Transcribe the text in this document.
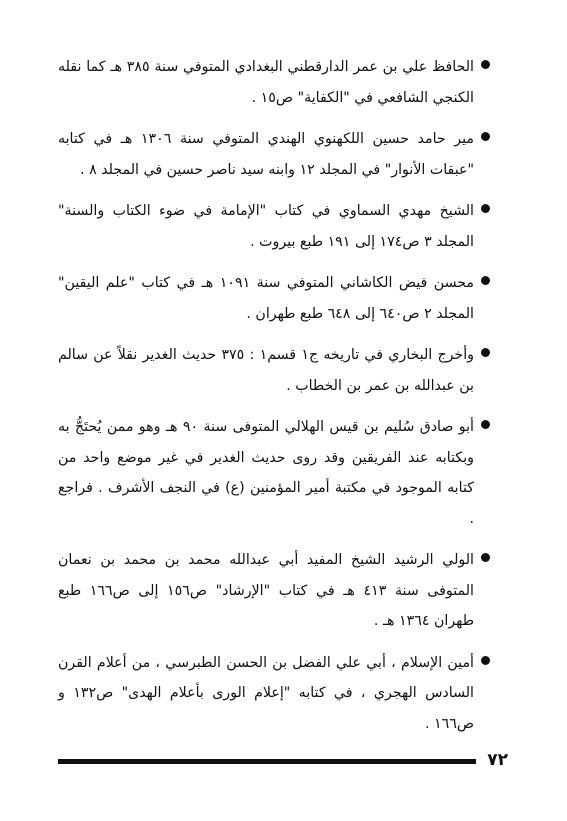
الحافظ علي بن عمر الدارقطني البغدادي المتوفي سنة ٣٨٥ هـ كما نقله الكنجي الشافعي في "الكفاية" ص١٥ .

مير حامد حسين اللكهنوي الهندي المتوفي سنة ١٣٠٦ هـ في كتابه "عبقات الأنوار" في المجلد ١٢ وابنه سيد ناصر حسين في المجلد ٨ .

الشيخ مهدي السماوي في كتاب "الإمامة في ضوء الكتاب والسنة" المجلد ٣ ص١٧٤ إلى ١٩١ طبع بيروت .

محسن فيض الكاشاني المتوفي سنة ١٠٩١ هـ في كتاب "علم اليقين" المجلد ٢ ص٦٤٠ إلى ٦٤٨ طبع طهران .

وأخرج البخاري في تاريخه ج١ قسم١ : ٣٧٥ حديث الغدير نقلاً عن سالم بن عبدالله بن عمر بن الخطاب .

أبو صادق سُليم بن قيس الهلالي المتوفى سنة ٩٠ هـ وهو ممن يُحتَجُّ به وبكتابه عند الفريقين وقد روى حديث الغدير في غير موضع واحد من كتابه الموجود في مكتبة أمير المؤمنين (ع) في النجف الأشرف . فراجع .

الولي الرشيد الشيخ المفيد أبي عبدالله محمد بن محمد بن نعمان المتوفى سنة ٤١٣ هـ في كتاب "الإرشاد" ص١٥٦ إلى ص١٦٦ طبع طهران ١٣٦٤ هـ .

أمين الإسلام ، أبي علي الفضل بن الحسن الطبرسي ، من أعلام القرن السادس الهجري ، في كتابه "إعلام الورى بأعلام الهدى" ص١٣٢ و ص١٦٦ .

٧٢
